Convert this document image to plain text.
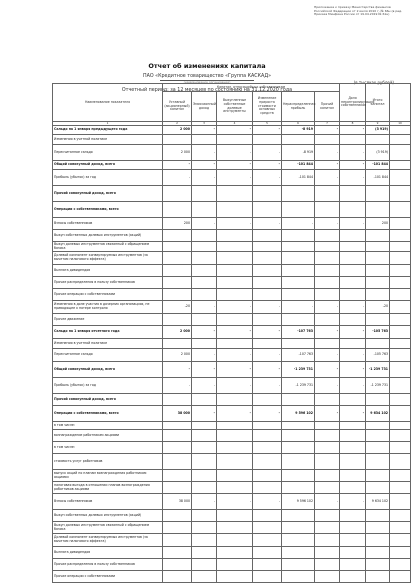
Приложение к приказу Министерства финансов Российской Федерации от 2 июля 2010 г. № 66н (в ред. Приказа Минфина России от 19.04.2019 № 61н)
Отчет об изменениях капитала
ПАО «Кредитное товарищество «Группа КАСКАД»
(наименование организации)
Отчетный период: за 12 месяцев по состоянию на 31.12.2020 года
(в тысячах рублей)
Наименование показателя	Капитал, относящийся к собственникам						Доля неконтролирующих собственников	Итого капитал	
	Уставный (акционерный) капитал	Эмиссионный доход	Выкупленные собственные долевые инструменты	Изменение прироста стоимости основных средств	Нераспределенная прибыль	Прочий капитал			
1	2	3	4	5	6	7	8	9	10
Сальдо на 1 января предыдущего года	2 000	-	-	-	-8 919	-	-	(3 919)	
Изменения в учетной политике									
Пересчитанное сальдо	2 000	-	-	-	-8 919	-	-	(3 919)	
Общий совокупный доход, всего	-	-	-	-	-101 844	-	-	-101 844	
Прибыль (убыток) за год	-	-	-	-	-101 844	-	-	-101 844	
Прочий совокупный доход, всего									
Операции с собственниками, всего									
Взносы собственников	200	-	-	-	-	-	-	200	
Выкуп собственных долевых инструментов (акций)									
Выкуп долевых инструментов связанный с обращением базиса									
Долевой компонент конвертируемых инструментов (за вычетом налогового эффекта)									
Выплата дивидендов									
Прочие распределения в пользу собственников									
Прочие операции с собственниками									
Изменения в доле участия в дочерних организациях, не приводящее к потере контроля	-20	-	-	-	-	-	-	-20	
Прочее движение									
Сальдо на 1 января отчетного года	2 000	-	-	-	-107 763	-	-	-105 763	
Изменения в учетной политике									
Пересчитанное сальдо	2 000	-	-	-	-107 763	-	-	-105 763	
Общий совокупный доход, всего	-	-	-	-	-1 239 731	-	-	-1 239 731	
Прибыль (убыток) за год	-	-	-	-	-1 239 731	-	-	-1 239 731	
Прочий совокупный доход, всего									
Операции с собственниками, всего	38 000	-	-	-	9 596 102	-	-	9 634 102	
в том числе:									
вознаграждение работникам акциями									
в том числе:									
стоимость услуг работников									
выпуск акций по планам вознаграждения работникам акциями									
налоговая выгода в отношении планов вознаграждения работников акциями									
Взносы собственников	38 000	-	-	-	9 596 102	-	-	9 634 102	
Выкуп собственных долевых инструментов (акций)									
Выкуп долевых инструментов связанный с обращением базиса									
Долевой компонент конвертируемых инструментов (за вычетом налогового эффекта)									
Выплата дивидендов									
Прочие распределения в пользу собственников									
Прочие операции с собственниками									
